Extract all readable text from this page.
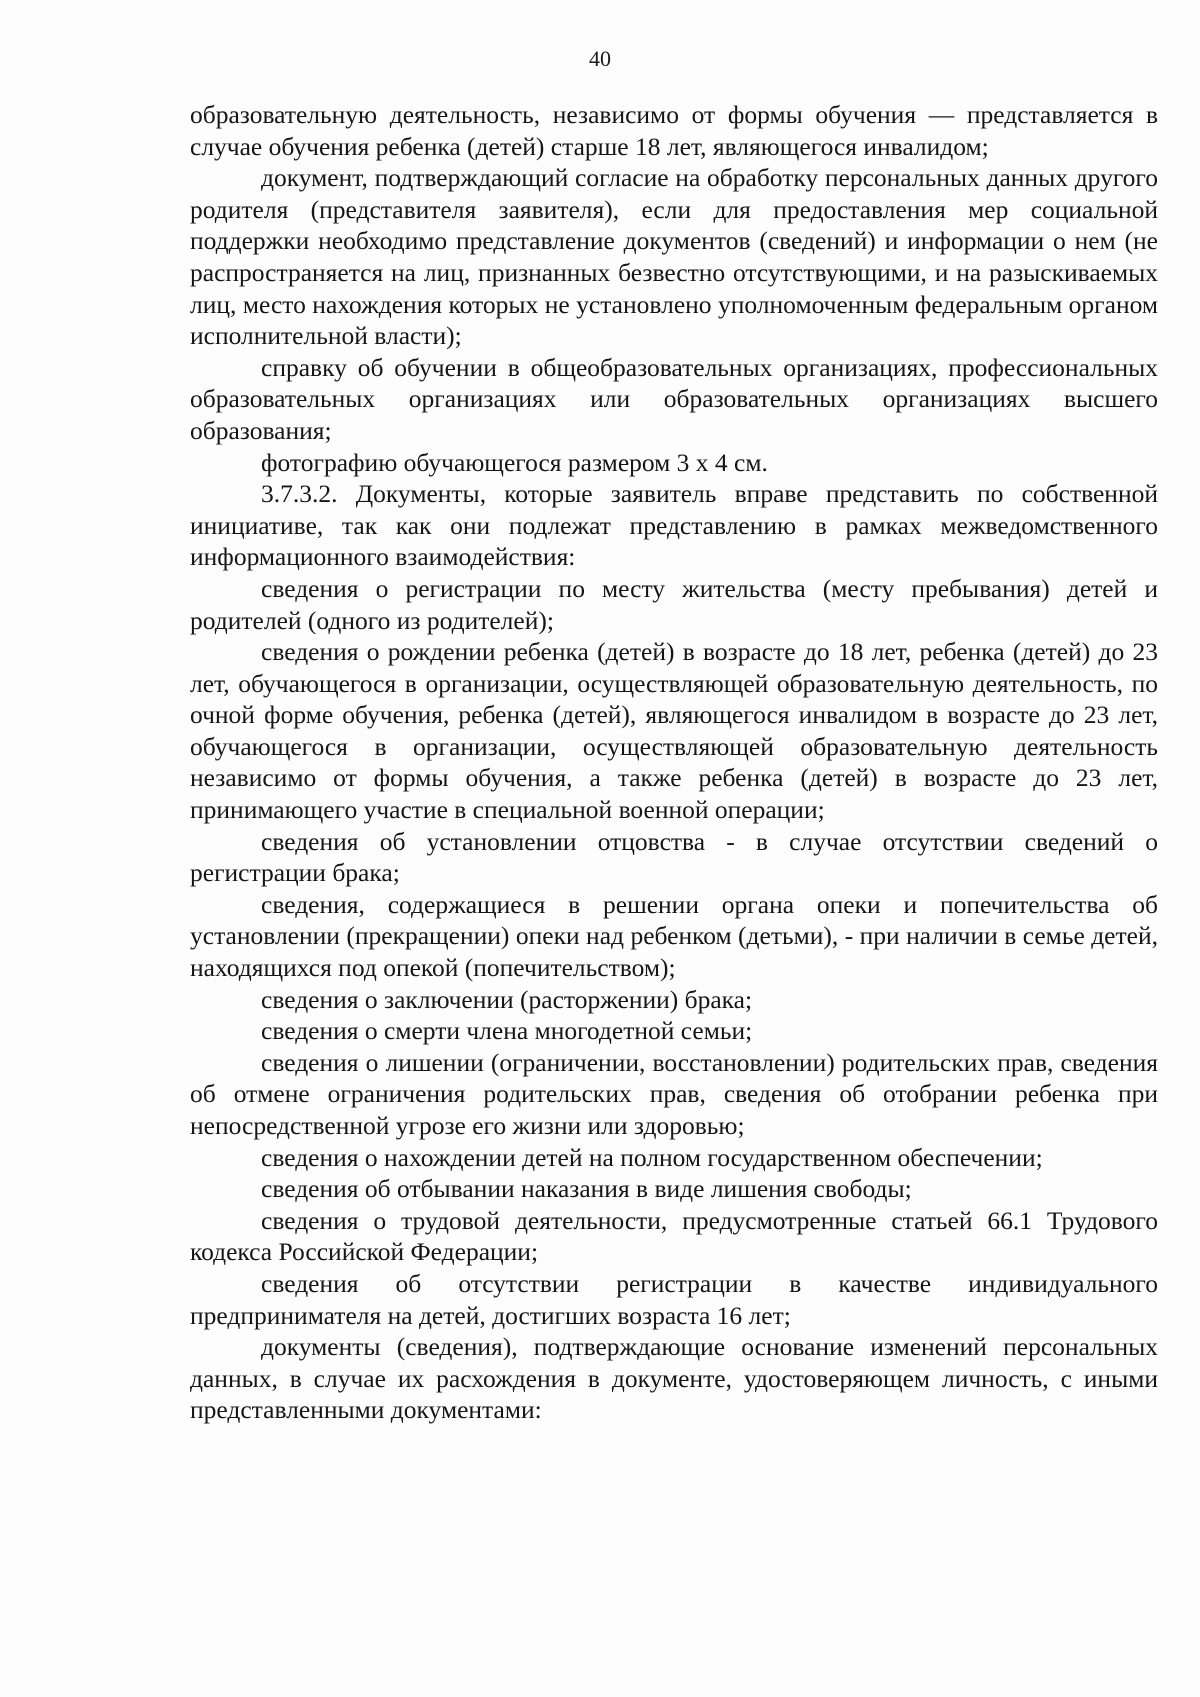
40

образовательную деятельность, независимо от формы обучения — представляется в случае обучения ребенка (детей) старше 18 лет, являющегося инвалидом;

документ, подтверждающий согласие на обработку персональных данных другого родителя (представителя заявителя), если для предоставления мер социальной поддержки необходимо представление документов (сведений) и информации о нем (не распространяется на лиц, признанных безвестно отсутствующими, и на разыскиваемых лиц, место нахождения которых не установлено уполномоченным федеральным органом исполнительной власти);

справку об обучении в общеобразовательных организациях, профессиональных образовательных организациях или образовательных организациях высшего образования;

фотографию обучающегося размером 3 х 4 см.

3.7.3.2. Документы, которые заявитель вправе представить по собственной инициативе, так как они подлежат представлению в рамках межведомственного информационного взаимодействия:

сведения о регистрации по месту жительства (месту пребывания) детей и родителей (одного из родителей);

сведения о рождении ребенка (детей) в возрасте до 18 лет, ребенка (детей) до 23 лет, обучающегося в организации, осуществляющей образовательную деятельность, по очной форме обучения, ребенка (детей), являющегося инвалидом в возрасте до 23 лет, обучающегося в организации, осуществляющей образовательную деятельность независимо от формы обучения, а также ребенка (детей) в возрасте до 23 лет, принимающего участие в специальной военной операции;

сведения об установлении отцовства - в случае отсутствии сведений о регистрации брака;

сведения, содержащиеся в решении органа опеки и попечительства об установлении (прекращении) опеки над ребенком (детьми), - при наличии в семье детей, находящихся под опекой (попечительством);

сведения о заключении (расторжении) брака;

сведения о смерти члена многодетной семьи;

сведения о лишении (ограничении, восстановлении) родительских прав, сведения об отмене ограничения родительских прав, сведения об отобрании ребенка при непосредственной угрозе его жизни или здоровью;

сведения о нахождении детей на полном государственном обеспечении;

сведения об отбывании наказания в виде лишения свободы;

сведения о трудовой деятельности, предусмотренные статьей 66.1 Трудового кодекса Российской Федерации;

сведения об отсутствии регистрации в качестве индивидуального предпринимателя на детей, достигших возраста 16 лет;

документы (сведения), подтверждающие основание изменений персональных данных, в случае их расхождения в документе, удостоверяющем личность, с иными представленными документами:
